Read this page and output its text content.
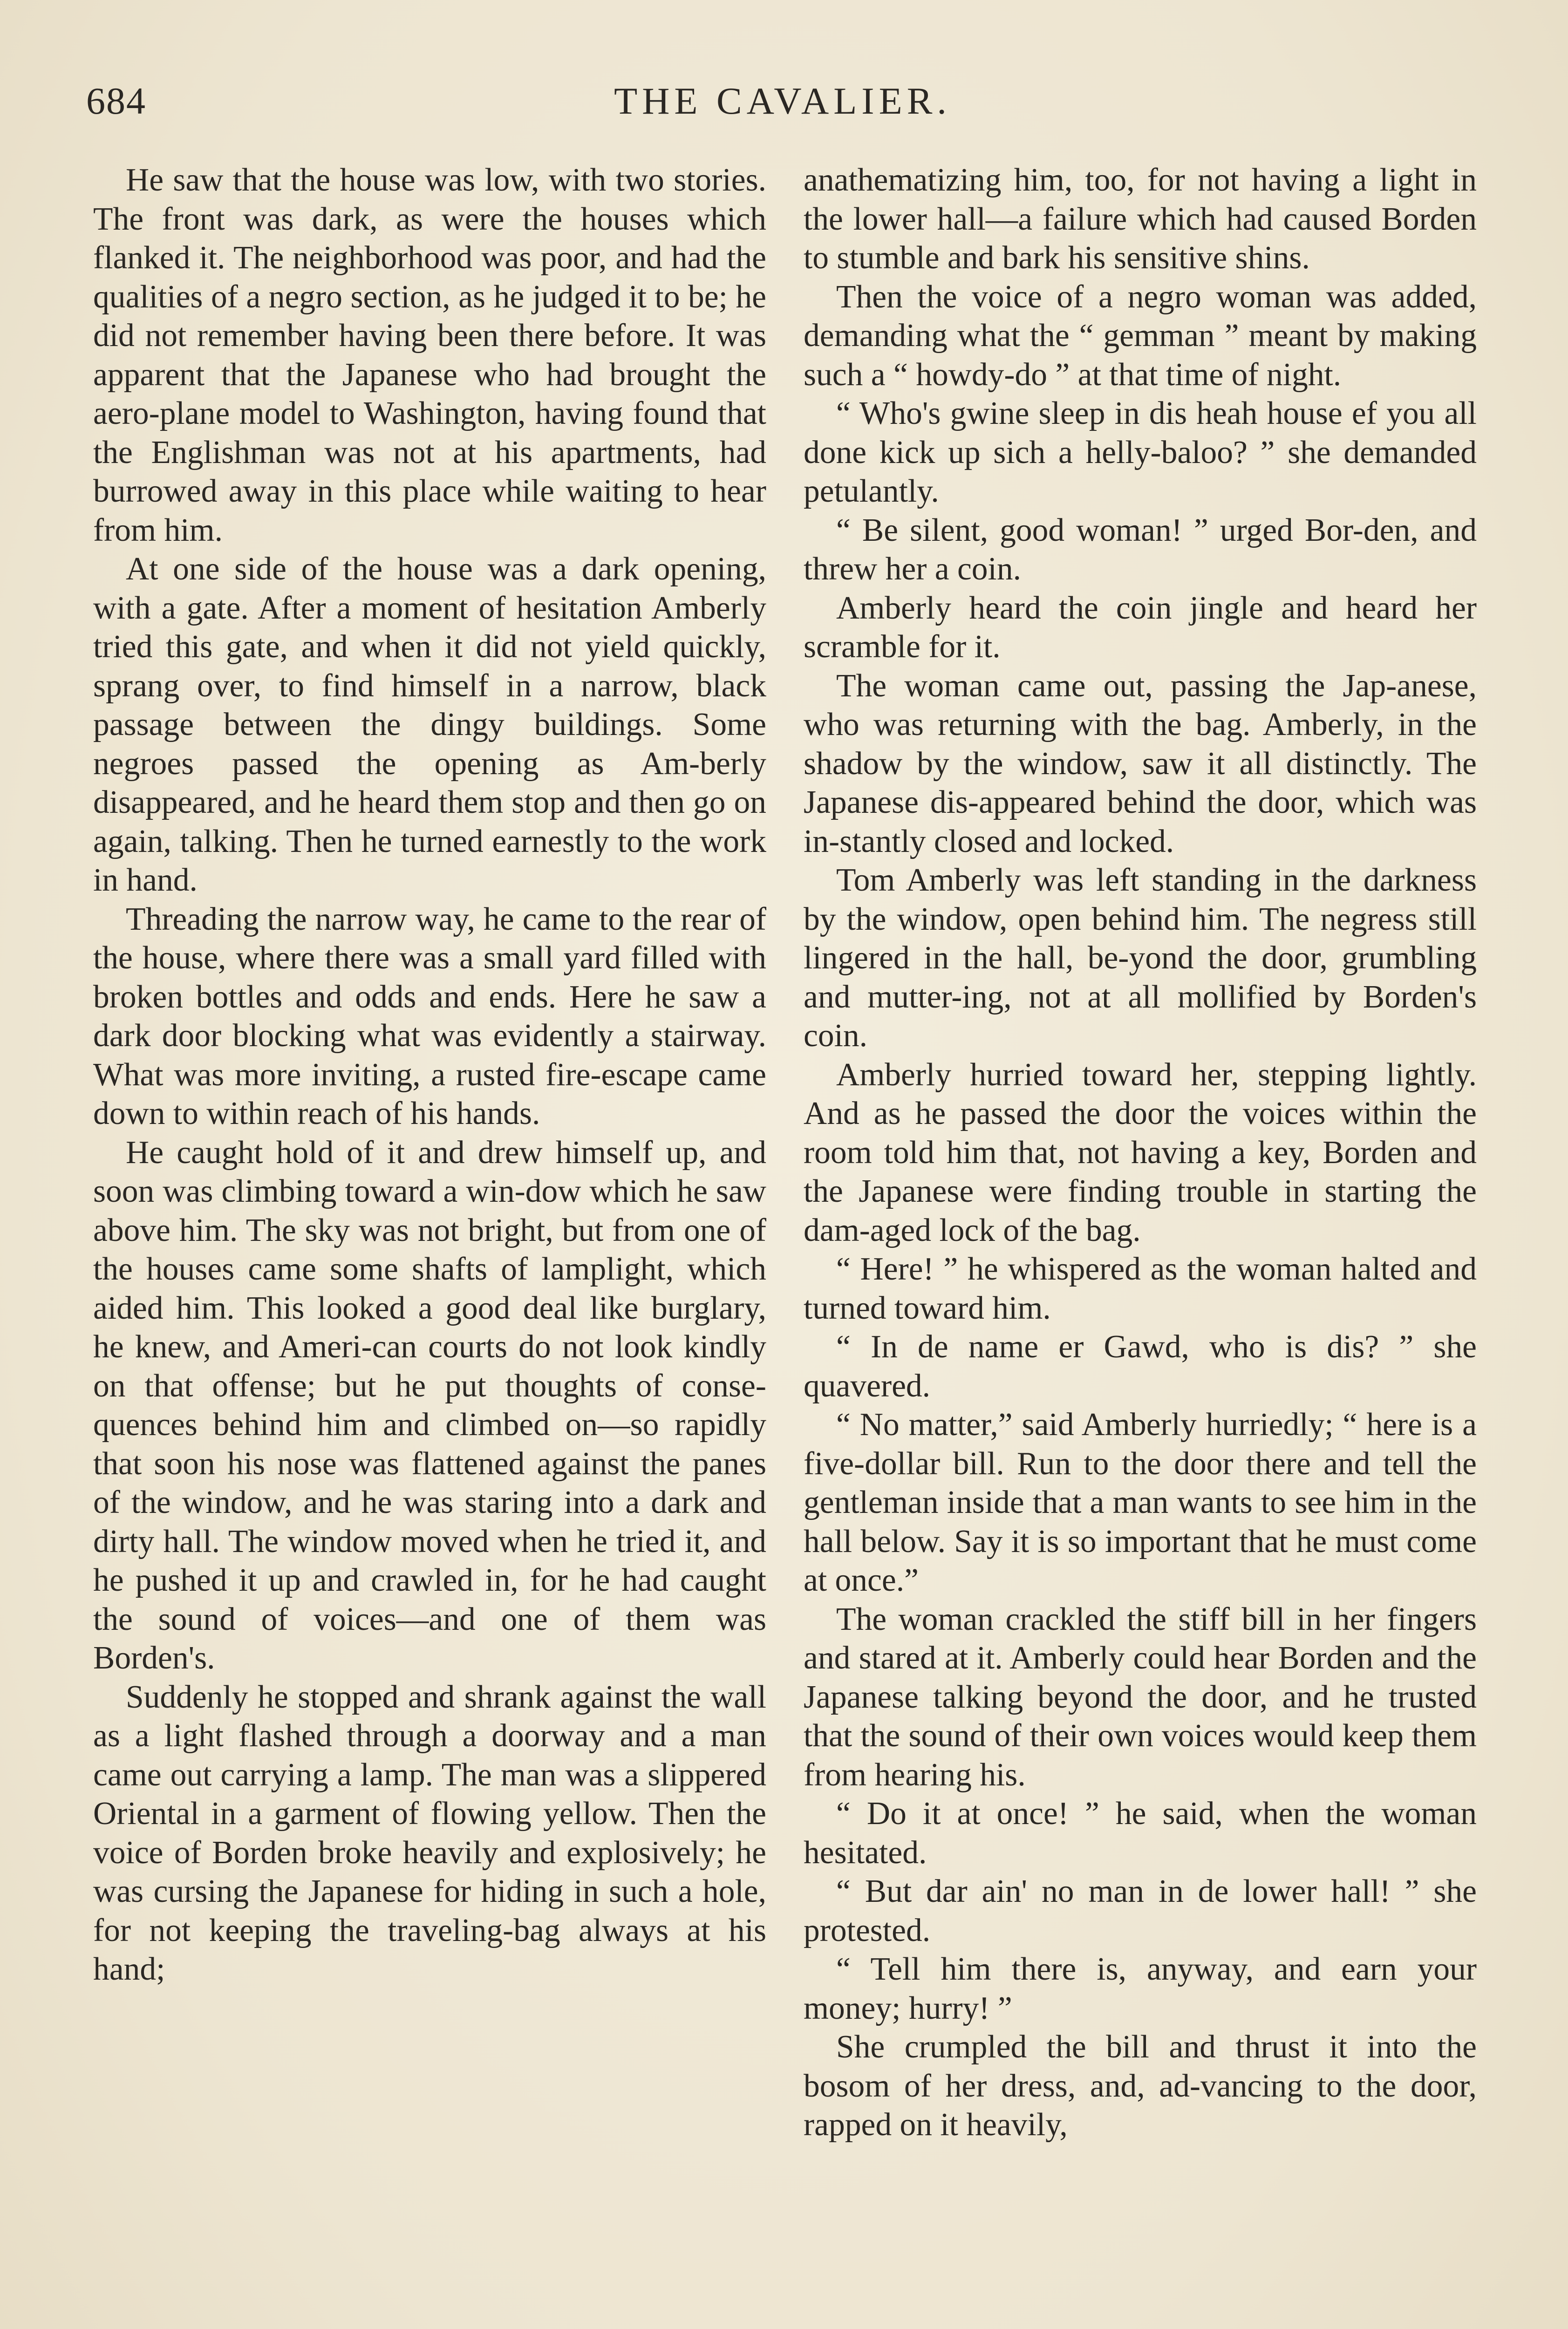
684	THE CAVALIER.

He saw that the house was low, with two stories. The front was dark, as were the houses which flanked it. The neighborhood was poor, and had the qualities of a negro section, as he judged it to be; he did not remember having been there before. It was apparent that the Japanese who had brought the aero-plane model to Washington, having found that the Englishman was not at his apartments, had burrowed away in this place while waiting to hear from him.

At one side of the house was a dark opening, with a gate. After a moment of hesitation Amberly tried this gate, and when it did not yield quickly, sprang over, to find himself in a narrow, black passage between the dingy buildings. Some negroes passed the opening as Am-berly disappeared, and he heard them stop and then go on again, talking. Then he turned earnestly to the work in hand.

Threading the narrow way, he came to the rear of the house, where there was a small yard filled with broken bottles and odds and ends. Here he saw a dark door blocking what was evidently a stairway. What was more inviting, a rusted fire-escape came down to within reach of his hands.

He caught hold of it and drew himself up, and soon was climbing toward a win-dow which he saw above him. The sky was not bright, but from one of the houses came some shafts of lamplight, which aided him. This looked a good deal like burglary, he knew, and Ameri-can courts do not look kindly on that offense; but he put thoughts of conse-quences behind him and climbed on—so rapidly that soon his nose was flattened against the panes of the window, and he was staring into a dark and dirty hall. The window moved when he tried it, and he pushed it up and crawled in, for he had caught the sound of voices—and one of them was Borden's.

Suddenly he stopped and shrank against the wall as a light flashed through a doorway and a man came out carrying a lamp. The man was a slippered Oriental in a garment of flowing yellow. Then the voice of Borden broke heavily and explosively; he was cursing the Japanese for hiding in such a hole, for not keeping the traveling-bag always at his hand;

anathematizing him, too, for not having a light in the lower hall—a failure which had caused Borden to stumble and bark his sensitive shins.

Then the voice of a negro woman was added, demanding what the “ gemman ” meant by making such a “ howdy-do ” at that time of night.

“ Who's gwine sleep in dis heah house ef you all done kick up sich a helly-baloo? ” she demanded petulantly.

“ Be silent, good woman! ” urged Bor-den, and threw her a coin.

Amberly heard the coin jingle and heard her scramble for it.

The woman came out, passing the Jap-anese, who was returning with the bag. Amberly, in the shadow by the window, saw it all distinctly. The Japanese dis-appeared behind the door, which was in-stantly closed and locked.

Tom Amberly was left standing in the darkness by the window, open behind him. The negress still lingered in the hall, be-yond the door, grumbling and mutter-ing, not at all mollified by Borden's coin.

Amberly hurried toward her, stepping lightly. And as he passed the door the voices within the room told him that, not having a key, Borden and the Japanese were finding trouble in starting the dam-aged lock of the bag.

“ Here! ” he whispered as the woman halted and turned toward him.

“ In de name er Gawd, who is dis? ” she quavered.

“ No matter,” said Amberly hurriedly; “ here is a five-dollar bill. Run to the door there and tell the gentleman inside that a man wants to see him in the hall below. Say it is so important that he must come at once.”

The woman crackled the stiff bill in her fingers and stared at it. Amberly could hear Borden and the Japanese talking beyond the door, and he trusted that the sound of their own voices would keep them from hearing his.

“ Do it at once! ” he said, when the woman hesitated.

“ But dar ain' no man in de lower hall! ” she protested.

“ Tell him there is, anyway, and earn your money; hurry! ”

She crumpled the bill and thrust it into the bosom of her dress, and, ad-vancing to the door, rapped on it heavily,
